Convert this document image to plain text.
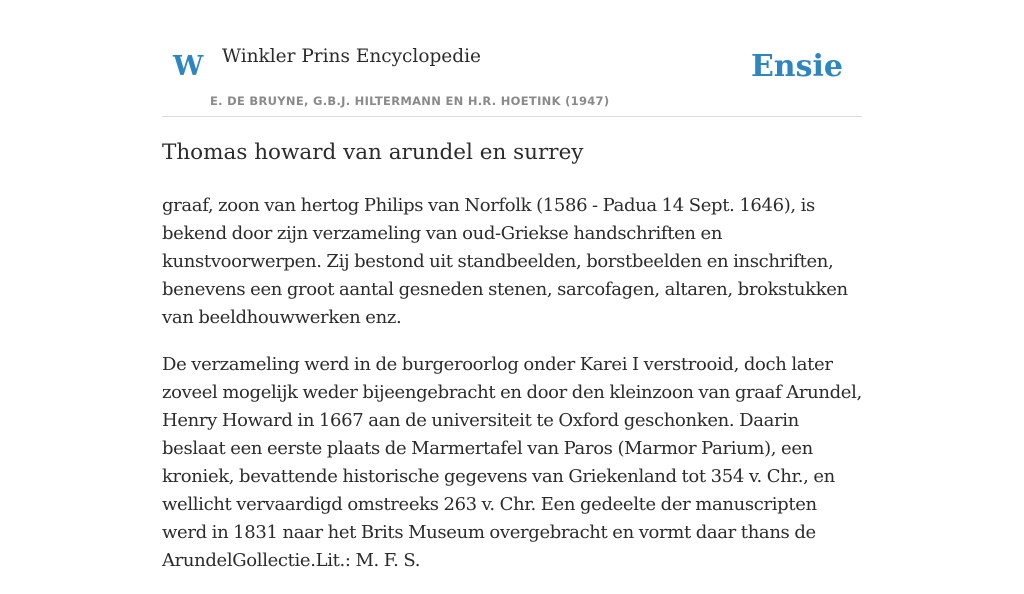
W Winkler Prins Encyclopedie
E. DE BRUYNE, G.B.J. HILTERMANN EN H.R. HOETINK (1947)
Ensie
Thomas howard van arundel en surrey

graaf, zoon van hertog Philips van Norfolk (1586 - Padua 14 Sept. 1646), is bekend door zijn verzameling van oud-Griekse handschriften en kunstvoorwerpen. Zij bestond uit standbeelden, borstbeelden en inschriften, benevens een groot aantal gesneden stenen, sarcofagen, altaren, brokstukken van beeldhouwwerken enz.

De verzameling werd in de burgeroorlog onder Karei I verstrooid, doch later zoveel mogelijk weder bijeengebracht en door den kleinzoon van graaf Arundel, Henry Howard in 1667 aan de universiteit te Oxford geschonken. Daarin beslaat een eerste plaats de Marmertafel van Paros (Marmor Parium), een kroniek, bevattende historische gegevens van Griekenland tot 354 v. Chr., en wellicht vervaardigd omstreeks 263 v. Chr. Een gedeelte der manuscripten werd in 1831 naar het Brits Museum overgebracht en vormt daar thans de ArundelGollectie.Lit.: M. F. S.
